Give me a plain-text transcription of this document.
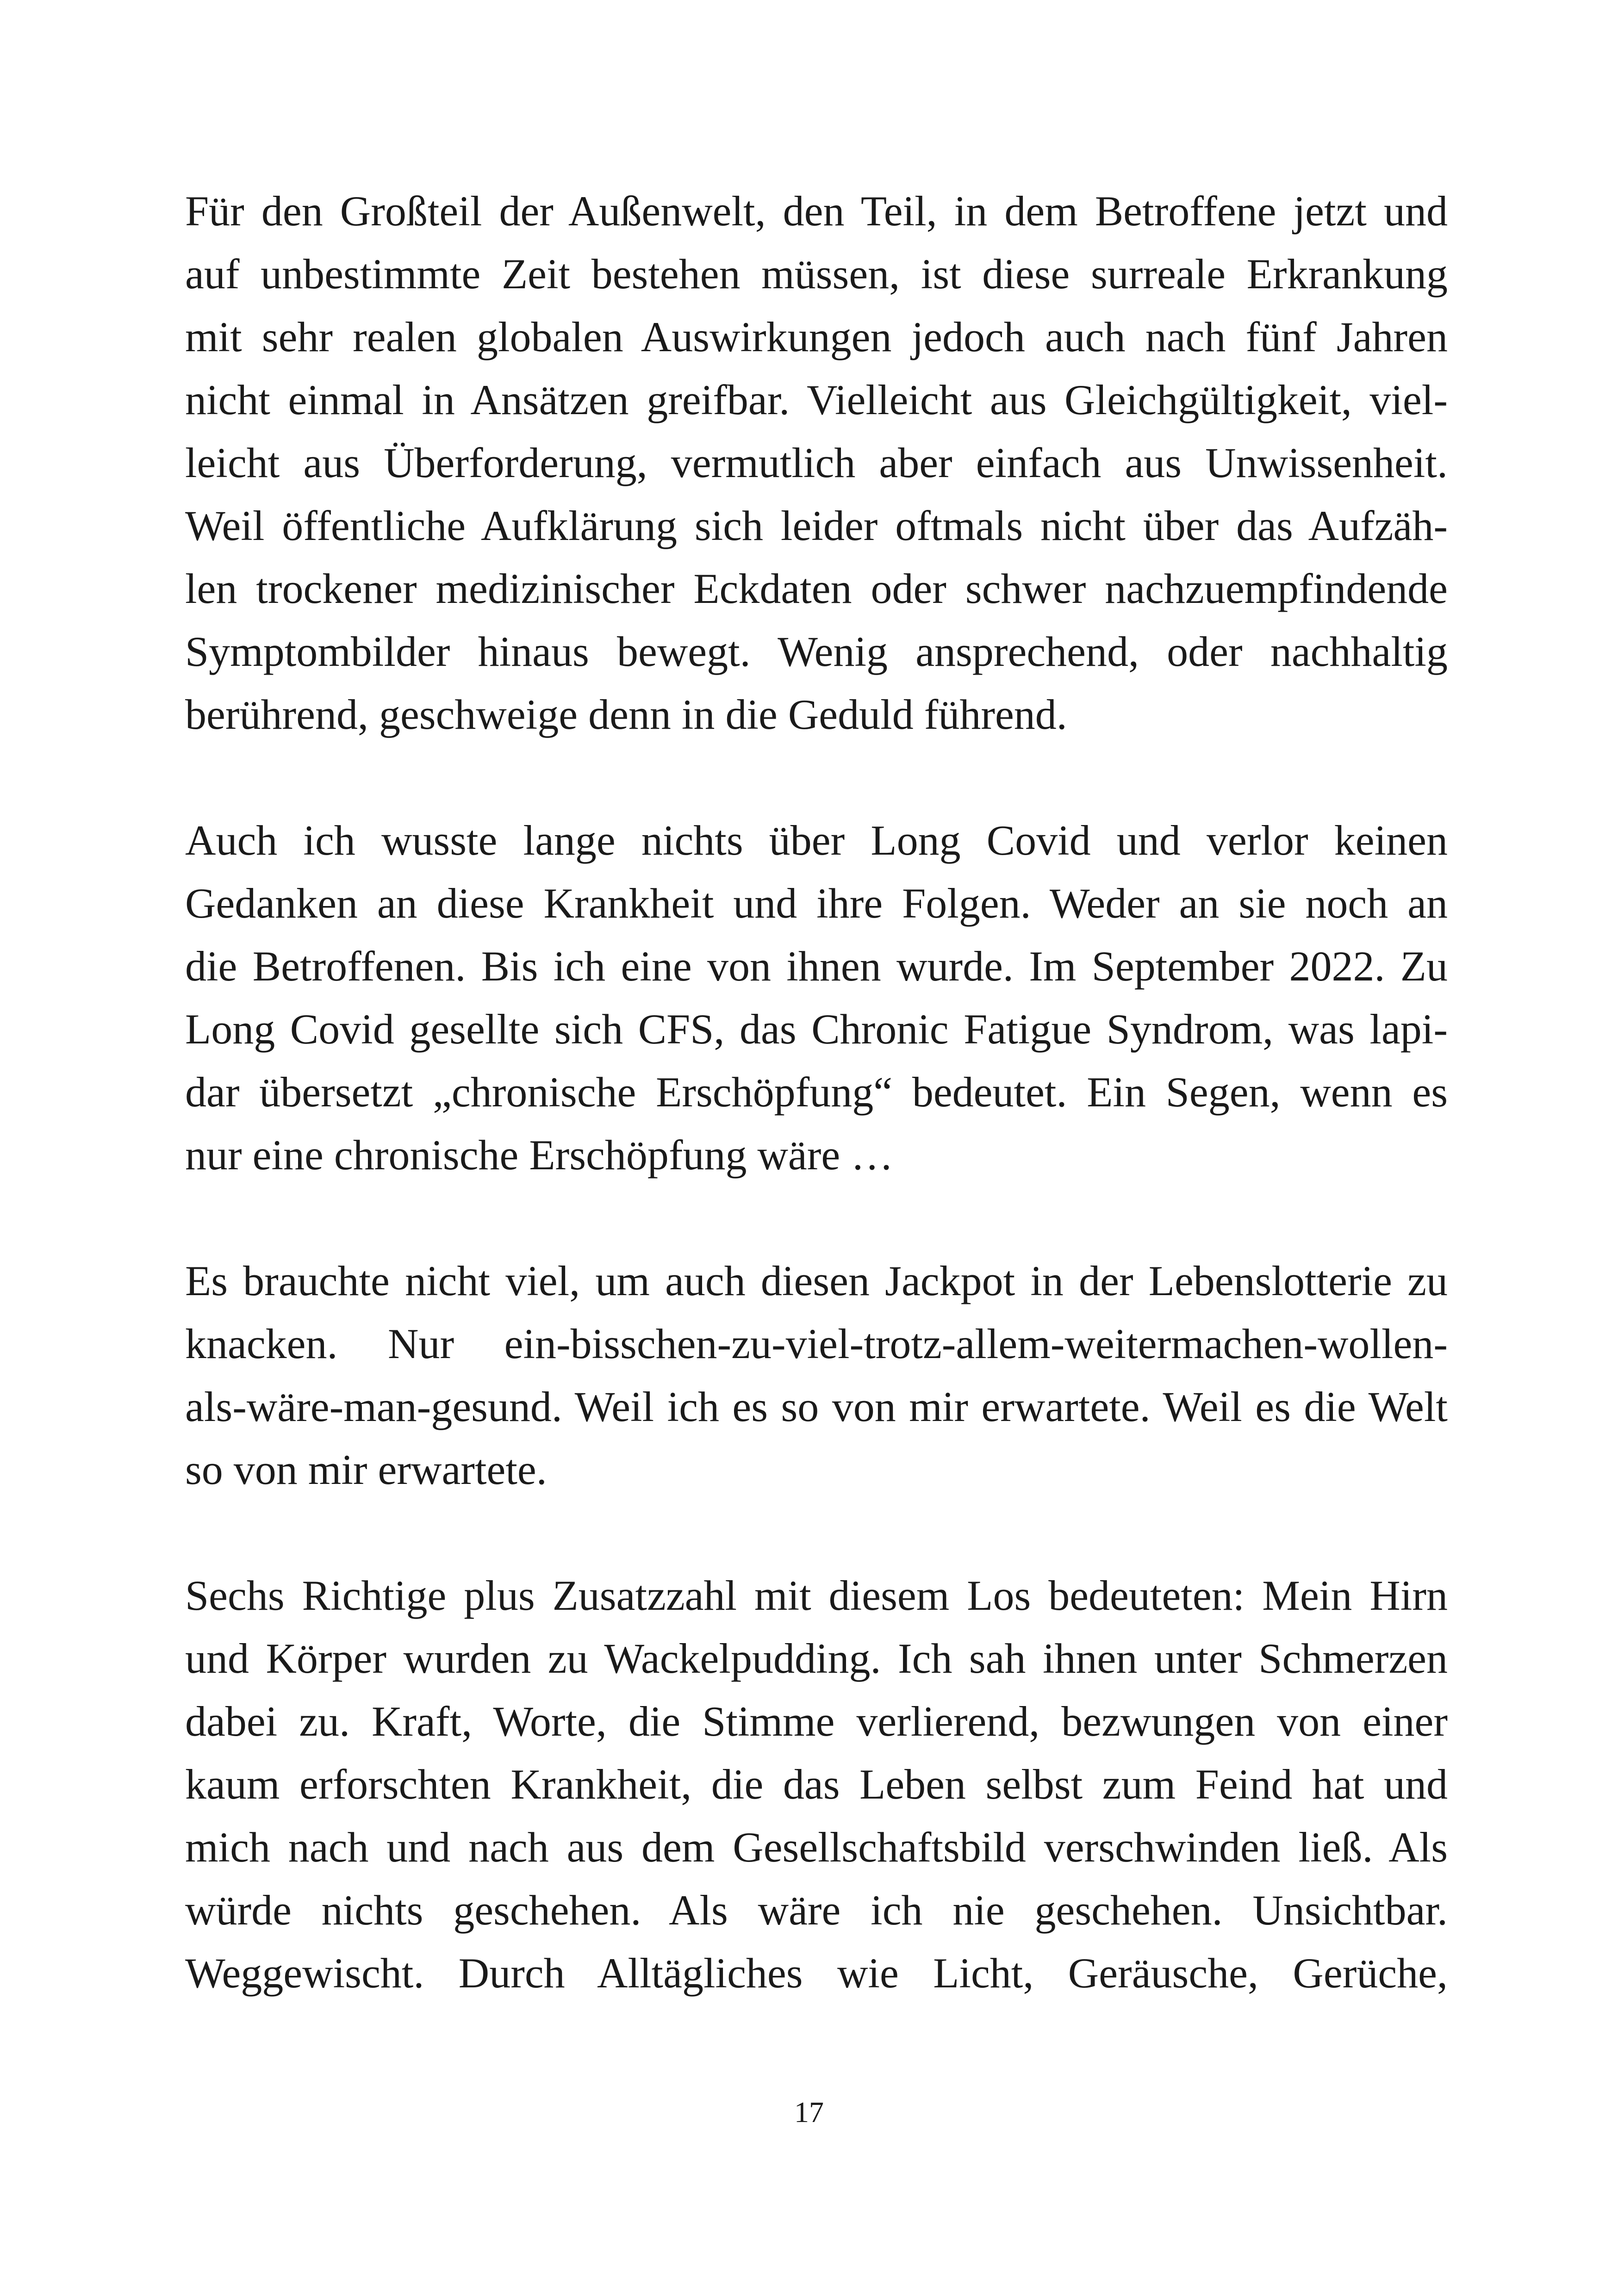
Für den Großteil der Außenwelt, den Teil, in dem Betroffene jetzt und
auf unbestimmte Zeit bestehen müssen, ist diese surreale Erkrankung
mit sehr realen globalen Auswirkungen jedoch auch nach fünf Jahren
nicht einmal in Ansätzen greifbar. Vielleicht aus Gleichgültigkeit, viel-
leicht aus Überforderung, vermutlich aber einfach aus Unwissenheit.
Weil öffentliche Aufklärung sich leider oftmals nicht über das Aufzäh-
len trockener medizinischer Eckdaten oder schwer nachzuempfindende
Symptombilder hinaus bewegt. Wenig ansprechend, oder nachhaltig
berührend, geschweige denn in die Geduld führend.

Auch ich wusste lange nichts über Long Covid und verlor keinen
Gedanken an diese Krankheit und ihre Folgen. Weder an sie noch an
die Betroffenen. Bis ich eine von ihnen wurde. Im September 2022. Zu
Long Covid gesellte sich CFS, das Chronic Fatigue Syndrom, was lapi-
dar übersetzt „chronische Erschöpfung“ bedeutet. Ein Segen, wenn es
nur eine chronische Erschöpfung wäre …

Es brauchte nicht viel, um auch diesen Jackpot in der Lebenslotterie zu
knacken. Nur ein-bisschen-zu-viel-trotz-allem-weitermachen-wollen-
als-wäre-man-gesund. Weil ich es so von mir erwartete. Weil es die Welt
so von mir erwartete.

Sechs Richtige plus Zusatzzahl mit diesem Los bedeuteten: Mein Hirn
und Körper wurden zu Wackelpudding. Ich sah ihnen unter Schmerzen
dabei zu. Kraft, Worte, die Stimme verlierend, bezwungen von einer
kaum erforschten Krankheit, die das Leben selbst zum Feind hat und
mich nach und nach aus dem Gesellschaftsbild verschwinden ließ. Als
würde nichts geschehen. Als wäre ich nie geschehen. Unsichtbar.
Weggewischt. Durch Alltägliches wie Licht, Geräusche, Gerüche,

17
